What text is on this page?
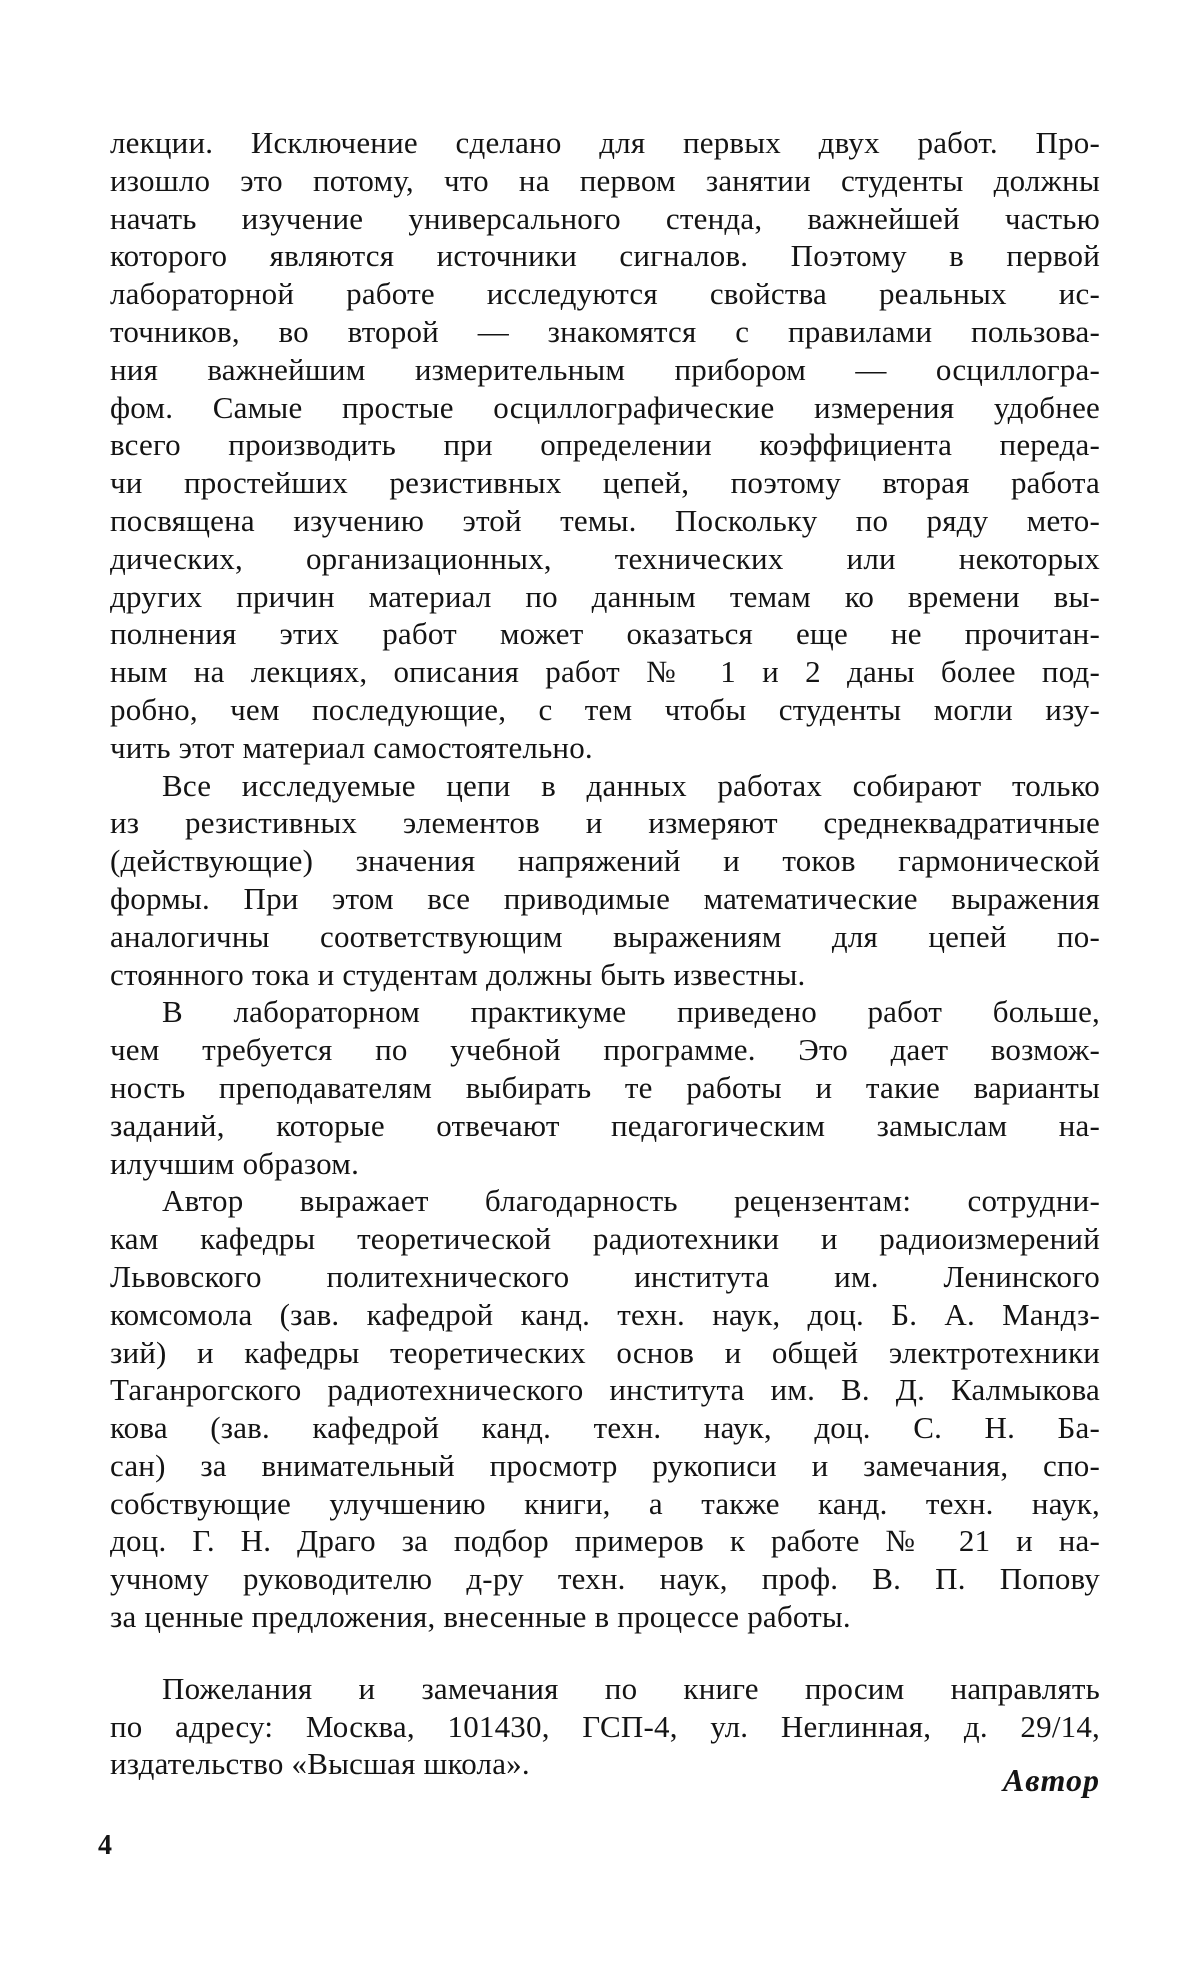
лекции. Исключение сделано для первых двух работ. Про-
изошло это потому, что на первом занятии студенты должны
начать изучение универсального стенда, важнейшей частью
которого являются источники сигналов. Поэтому в первой
лабораторной работе исследуются свойства реальных ис-
точников, во второй — знакомятся с правилами пользова-
ния важнейшим измерительным прибором — осциллогра-
фом. Самые простые осциллографические измерения удобнее
всего производить при определении коэффициента переда-
чи простейших резистивных цепей, поэтому вторая работа
посвящена изучению этой темы. Поскольку по ряду мето-
дических, организационных, технических или некоторых
других причин материал по данным темам ко времени вы-
полнения этих работ может оказаться еще не прочитан-
ным на лекциях, описания работ № 1 и 2 даны более под-
робно, чем последующие, с тем чтобы студенты могли изу-
чить этот материал самостоятельно.

Все исследуемые цепи в данных работах собирают только
из резистивных элементов и измеряют среднеквадратичные
(действующие) значения напряжений и токов гармонической
формы. При этом все приводимые математические выражения
аналогичны соответствующим выражениям для цепей по-
стоянного тока и студентам должны быть известны.

В лабораторном практикуме приведено работ больше,
чем требуется по учебной программе. Это дает возмож-
ность преподавателям выбирать те работы и такие варианты
заданий, которые отвечают педагогическим замыслам на-
илучшим образом.

Автор выражает благодарность рецензентам: сотрудни-
кам кафедры теоретической радиотехники и радиоизмерений
Львовского политехнического института им. Ленинского
комсомола (зав. кафедрой канд. техн. наук, доц. Б. А. Мандз-
зий) и кафедры теоретических основ и общей электротехники
Таганрогского радиотехнического института им. В. Д. Калмыкова
кова (зав. кафедрой канд. техн. наук, доц. С. Н. Ба-
сан) за внимательный просмотр рукописи и замечания, спо-
собствующие улучшению книги, а также канд. техн. наук,
доц. Г. Н. Драго за подбор примеров к работе № 21 и на-
учному руководителю д-ру техн. наук, проф. В. П. Попову
за ценные предложения, внесенные в процессе работы.

Пожелания и замечания по книге просим направлять
по адресу: Москва, 101430, ГСП-4, ул. Неглинная, д. 29/14,
издательство «Высшая школа».	Автор
4
